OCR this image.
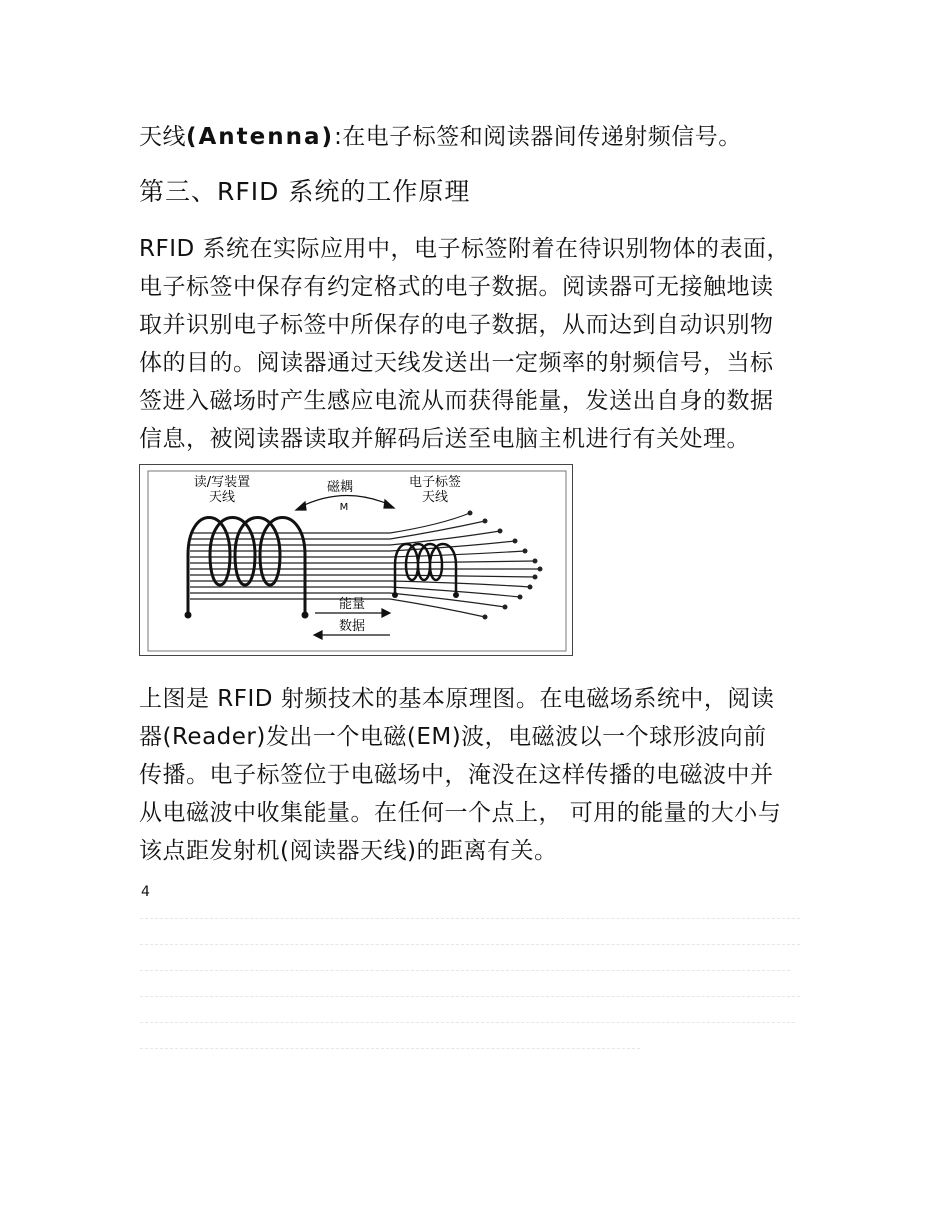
天线(Antenna):在电子标签和阅读器间传递射频信号。

第三、RFID 系统的工作原理

RFID 系统在实际应用中，电子标签附着在待识别物体的表面，
电子标签中保存有约定格式的电子数据。阅读器可无接触地读
取并识别电子标签中所保存的电子数据，从而达到自动识别物
体的目的。阅读器通过天线发送出一定频率的射频信号，当标
签进入磁场时产生感应电流从而获得能量，发送出自身的数据
信息，被阅读器读取并解码后送至电脑主机进行有关处理。

读/写装置
天线
磁耦
M
电子标签
天线
能量
数据

上图是 RFID 射频技术的基本原理图。在电磁场系统中，阅读
器(Reader)发出一个电磁(EM)波，电磁波以一个球形波向前
传播。电子标签位于电磁场中，淹没在这样传播的电磁波中并
从电磁波中收集能量。在任何一个点上， 可用的能量的大小与
该点距发射机(阅读器天线)的距离有关。

4
